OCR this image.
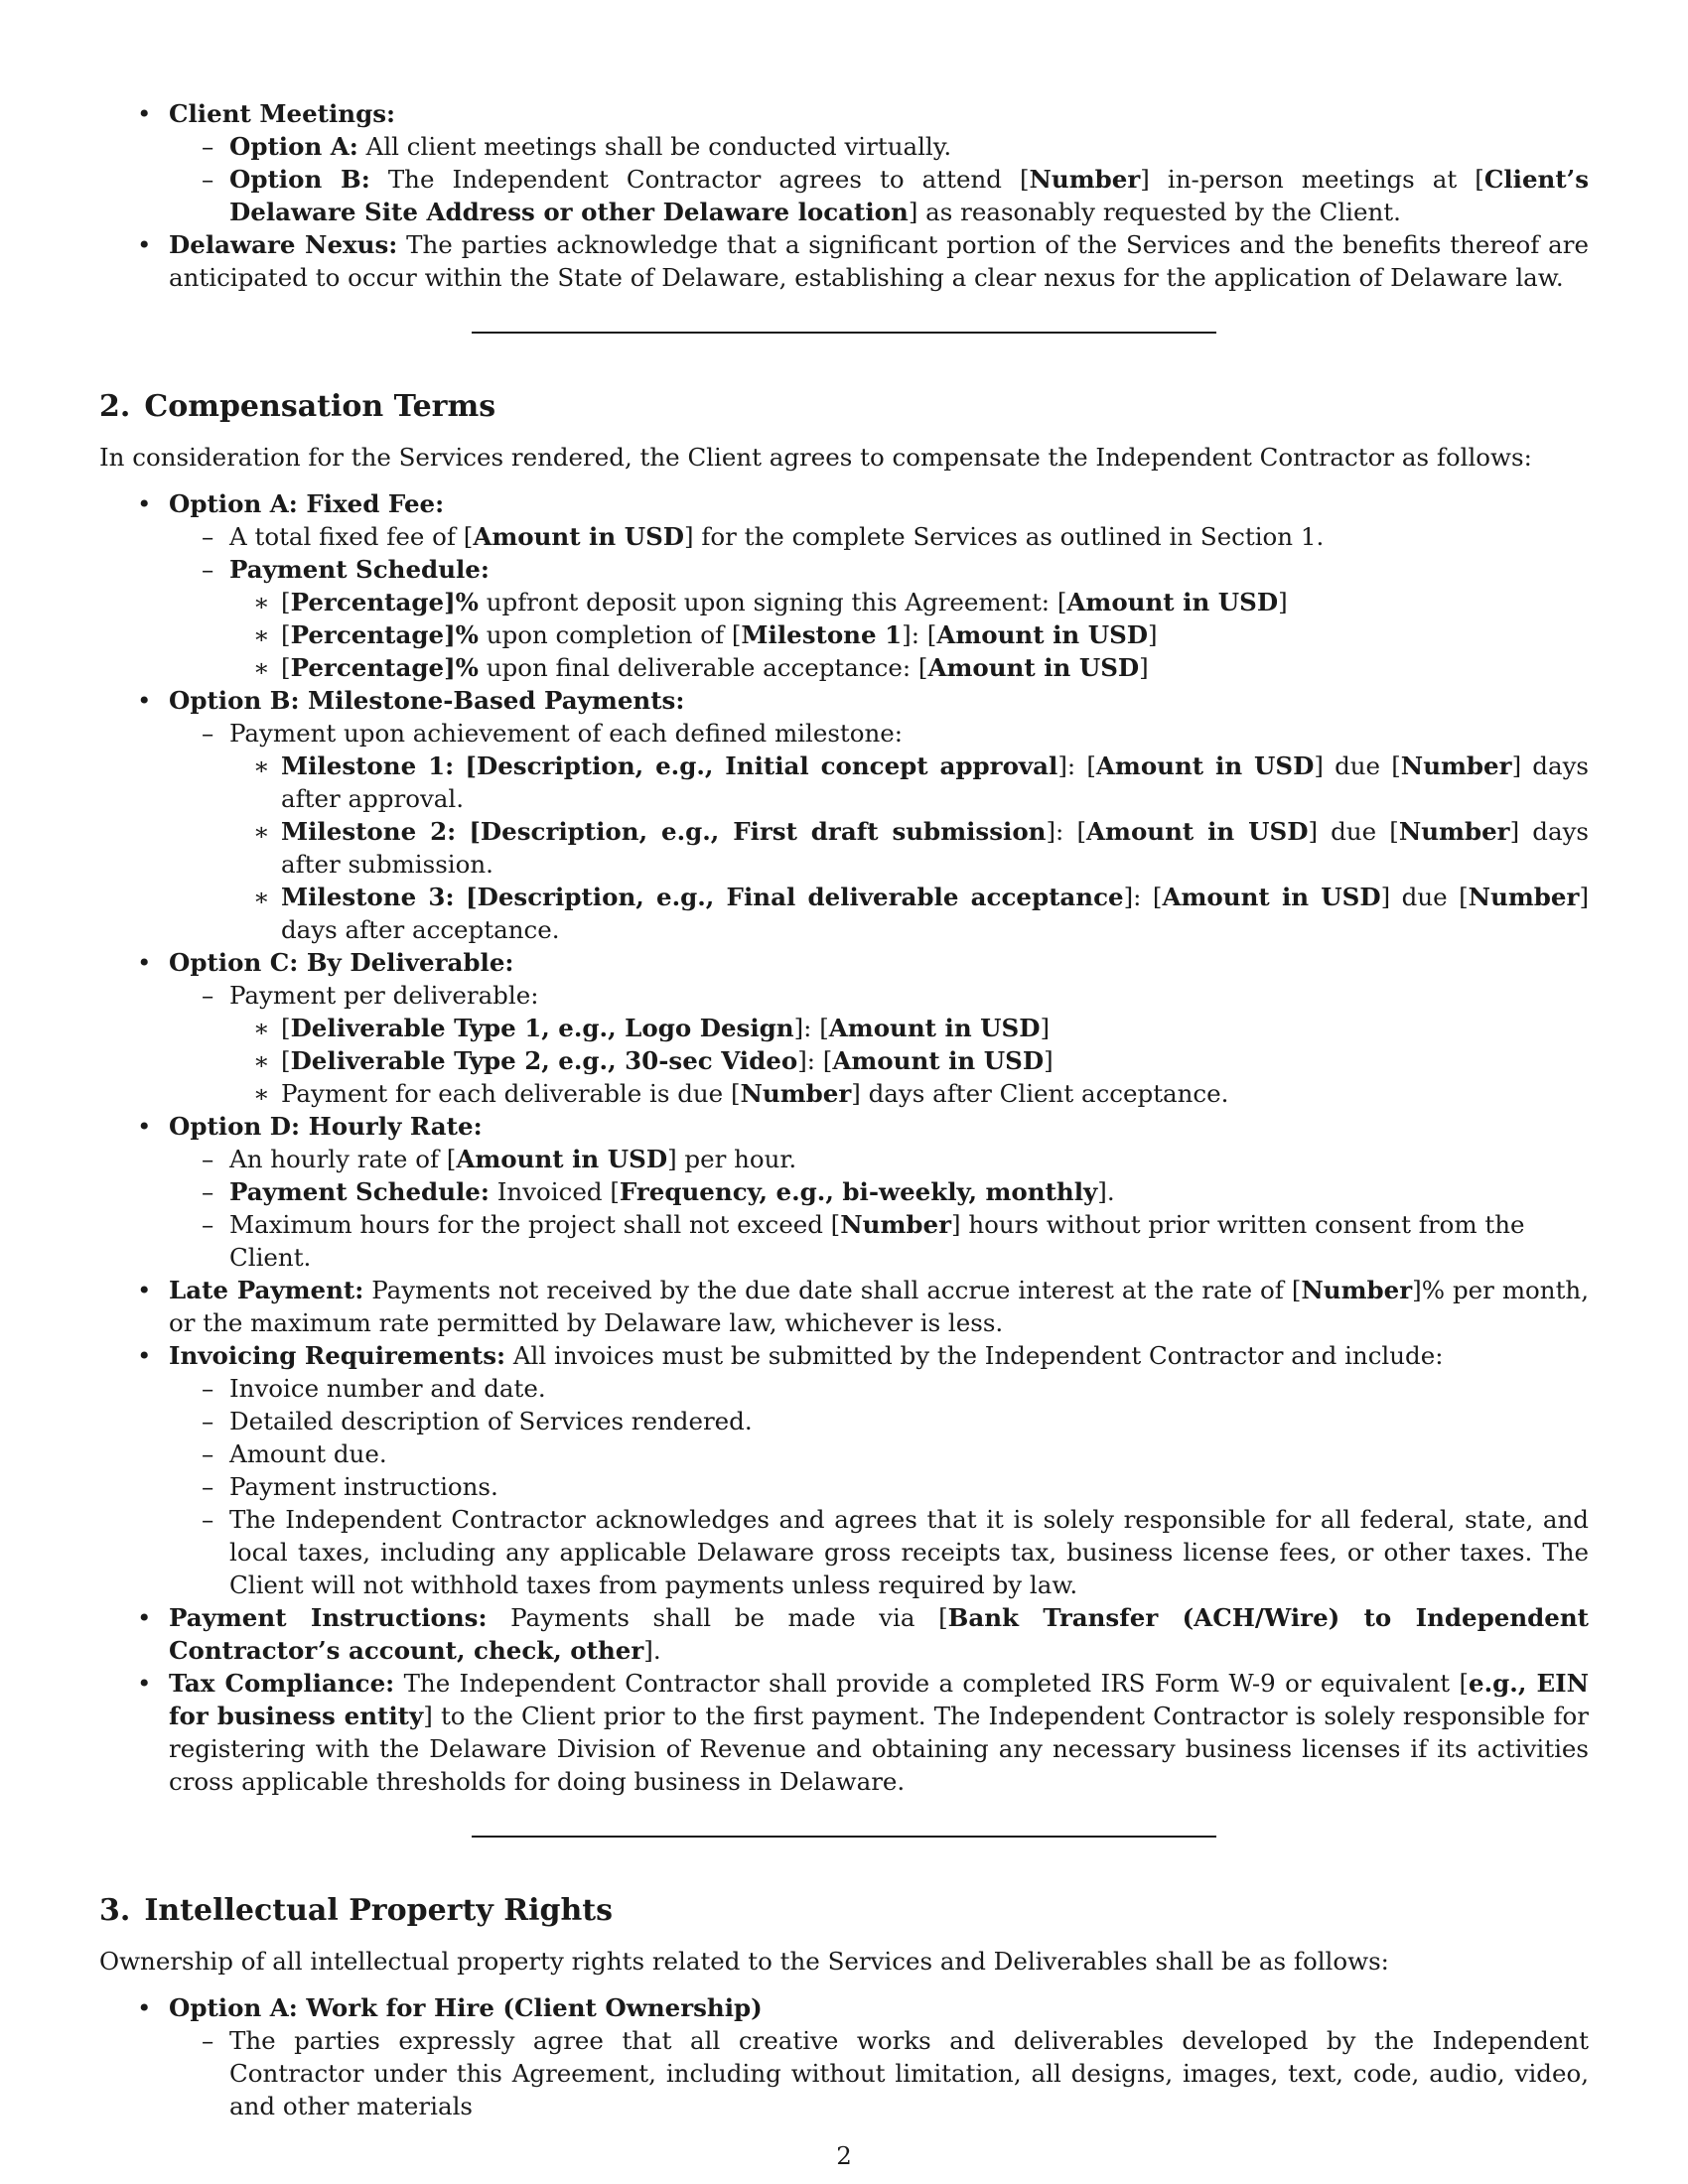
• Client Meetings:
– Option A: All client meetings shall be conducted virtually.
– Option B: The Independent Contractor agrees to attend [Number] in-person meetings at [Client’s Delaware Site Address or other Delaware location] as reasonably requested by the Client.
• Delaware Nexus: The parties acknowledge that a significant portion of the Services and the benefits thereof are anticipated to occur within the State of Delaware, establishing a clear nexus for the application of Delaware law.
2. Compensation Terms
In consideration for the Services rendered, the Client agrees to compensate the Independent Contractor as follows:
• Option A: Fixed Fee:
– A total fixed fee of [Amount in USD] for the complete Services as outlined in Section 1.
– Payment Schedule:
∗ [Percentage]% upfront deposit upon signing this Agreement: [Amount in USD]
∗ [Percentage]% upon completion of [Milestone 1]: [Amount in USD]
∗ [Percentage]% upon final deliverable acceptance: [Amount in USD]
• Option B: Milestone-Based Payments:
– Payment upon achievement of each defined milestone:
∗ Milestone 1: [Description, e.g., Initial concept approval]: [Amount in USD] due [Number] days after approval.
∗ Milestone 2: [Description, e.g., First draft submission]: [Amount in USD] due [Number] days after submission.
∗ Milestone 3: [Description, e.g., Final deliverable acceptance]: [Amount in USD] due [Number] days after acceptance.
• Option C: By Deliverable:
– Payment per deliverable:
∗ [Deliverable Type 1, e.g., Logo Design]: [Amount in USD]
∗ [Deliverable Type 2, e.g., 30-sec Video]: [Amount in USD]
∗ Payment for each deliverable is due [Number] days after Client acceptance.
• Option D: Hourly Rate:
– An hourly rate of [Amount in USD] per hour.
– Payment Schedule: Invoiced [Frequency, e.g., bi-weekly, monthly].
– Maximum hours for the project shall not exceed [Number] hours without prior written consent from the Client.
• Late Payment: Payments not received by the due date shall accrue interest at the rate of [Number]% per month, or the maximum rate permitted by Delaware law, whichever is less.
• Invoicing Requirements: All invoices must be submitted by the Independent Contractor and include:
– Invoice number and date.
– Detailed description of Services rendered.
– Amount due.
– Payment instructions.
– The Independent Contractor acknowledges and agrees that it is solely responsible for all federal, state, and local taxes, including any applicable Delaware gross receipts tax, business license fees, or other taxes. The Client will not withhold taxes from payments unless required by law.
• Payment Instructions: Payments shall be made via [Bank Transfer (ACH/Wire) to Independent Contractor’s account, check, other].
• Tax Compliance: The Independent Contractor shall provide a completed IRS Form W-9 or equivalent [e.g., EIN for business entity] to the Client prior to the first payment. The Independent Contractor is solely responsible for registering with the Delaware Division of Revenue and obtaining any necessary business licenses if its activities cross applicable thresholds for doing business in Delaware.
3. Intellectual Property Rights
Ownership of all intellectual property rights related to the Services and Deliverables shall be as follows:
• Option A: Work for Hire (Client Ownership)
– The parties expressly agree that all creative works and deliverables developed by the Independent Contractor under this Agreement, including without limitation, all designs, images, text, code, audio, video, and other materials
2
